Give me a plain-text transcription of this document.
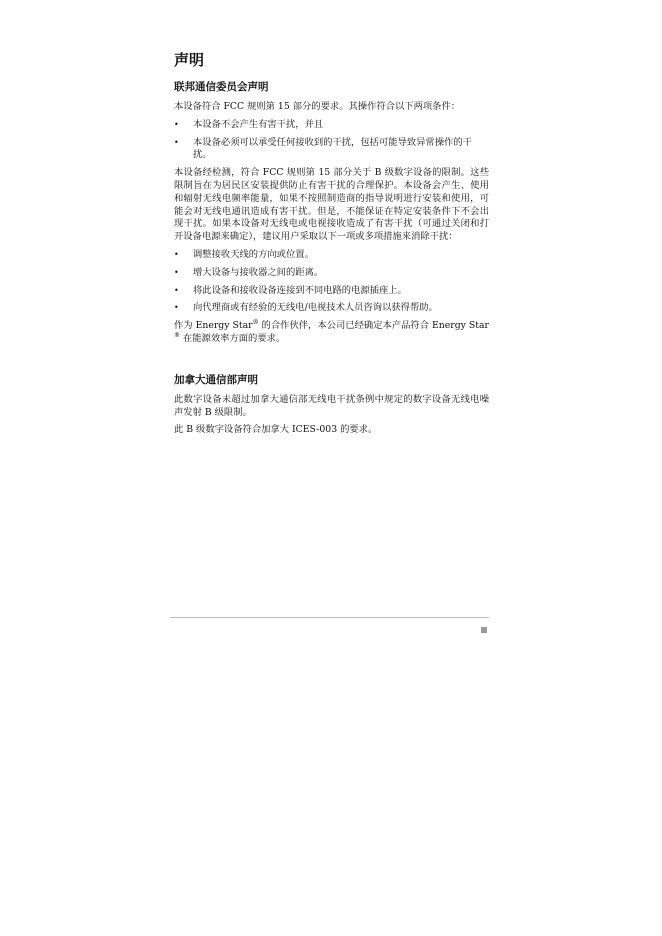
声明
联邦通信委员会声明

本设备符合 FCC 规则第 15 部分的要求。其操作符合以下两项条件：

• 本设备不会产生有害干扰，并且
• 本设备必须可以承受任何接收到的干扰，包括可能导致异常操作的干扰。

本设备经检测，符合 FCC 规则第 15 部分关于 B 级数字设备的限制。这些限制旨在为居民区安装提供防止有害干扰的合理保护。本设备会产生、使用和辐射无线电频率能量，如果不按照制造商的指导说明进行安装和使用，可能会对无线电通讯造成有害干扰。但是，不能保证在特定安装条件下不会出现干扰。如果本设备对无线电或电视接收造成了有害干扰（可通过关闭和打开设备电源来确定），建议用户采取以下一项或多项措施来消除干扰：

• 调整接收天线的方向或位置。
• 增大设备与接收器之间的距离。
• 将此设备和接收设备连接到不同电路的电源插座上。
• 向代理商或有经验的无线电/电视技术人员咨询以获得帮助。

作为 Energy Star® 的合作伙伴，本公司已经确定本产品符合 Energy Star® 在能源效率方面的要求。

加拿大通信部声明

此数字设备未超过加拿大通信部无线电干扰条例中规定的数字设备无线电噪声发射 B 级限制。

此 B 级数字设备符合加拿大 ICES-003 的要求。
